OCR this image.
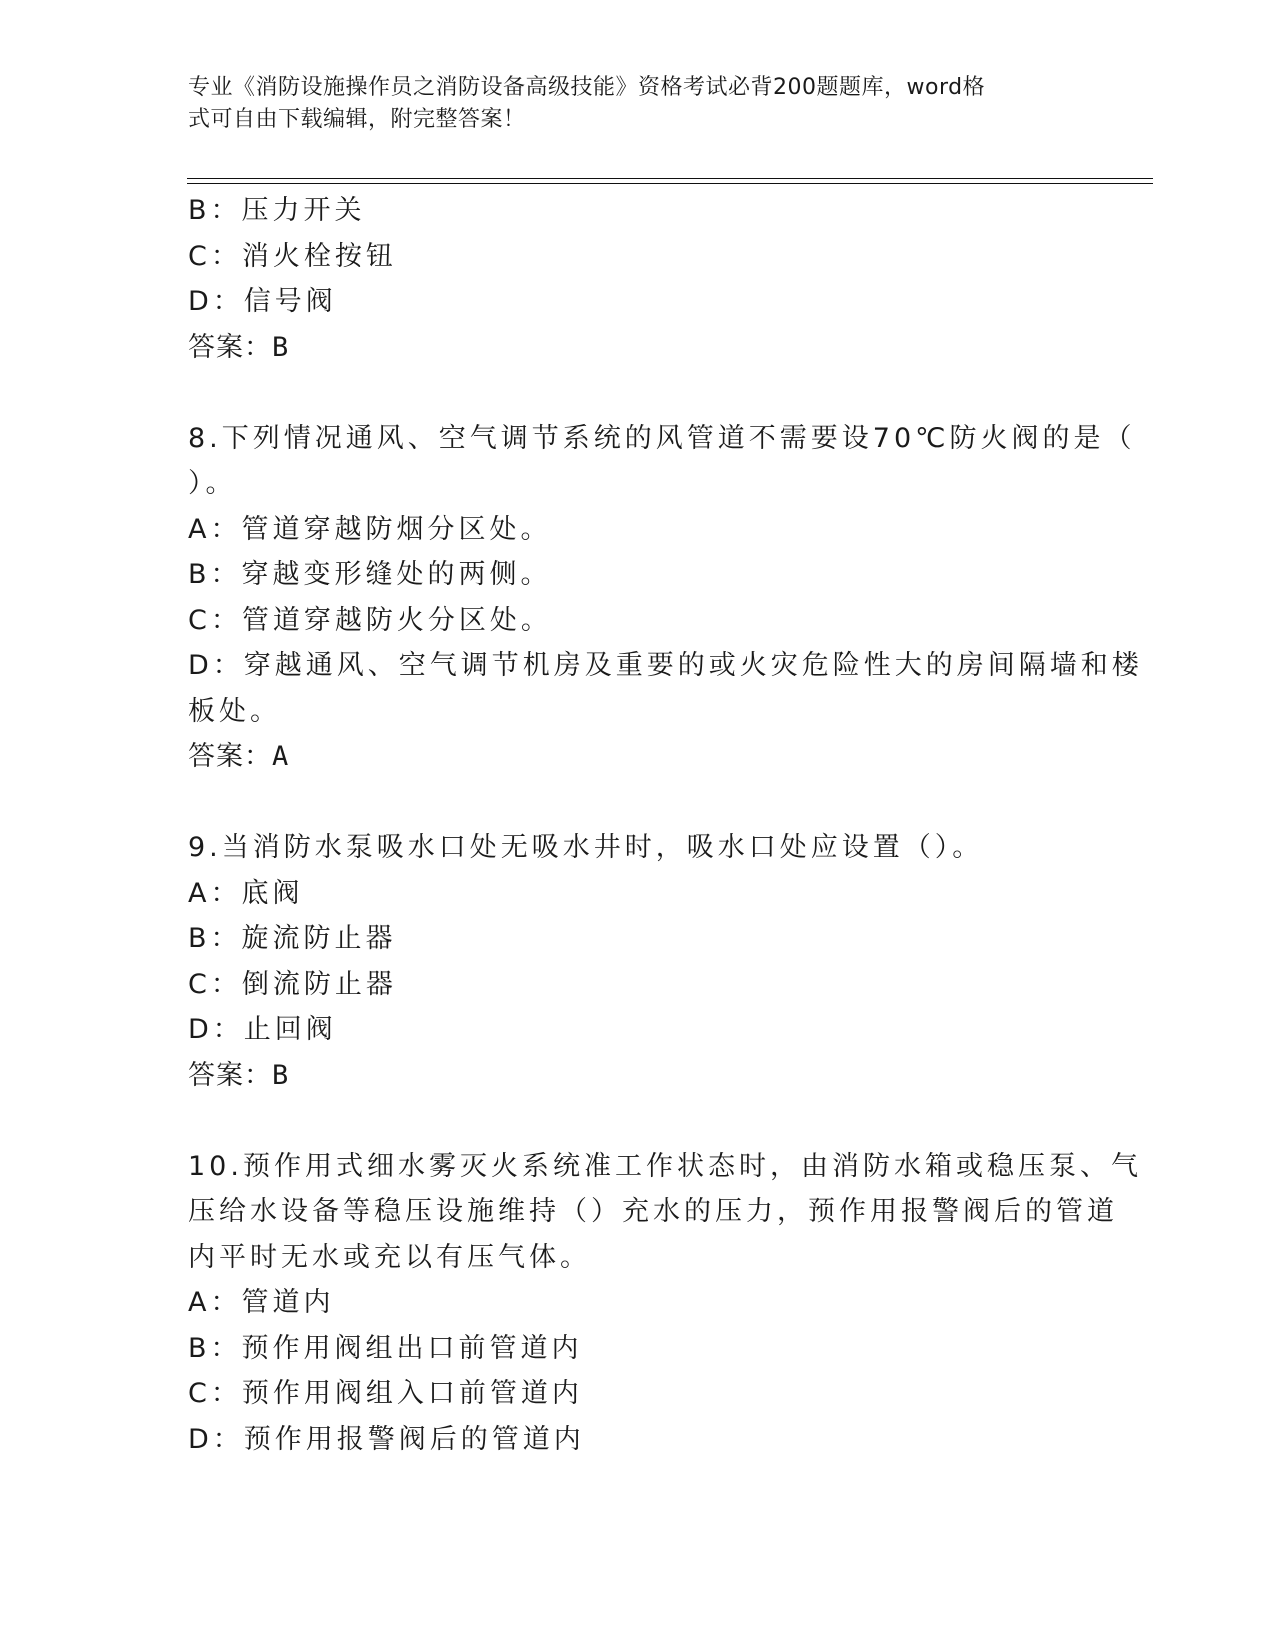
专业《消防设施操作员之消防设备高级技能》资格考试必背200题题库，word格
式可自由下载编辑，附完整答案！
B：压力开关
C：消火栓按钮
D：信号阀
答案：B
8.下列情况通风、空气调节系统的风管道不需要设70℃防火阀的是（
）。
A：管道穿越防烟分区处。
B：穿越变形缝处的两侧。
C：管道穿越防火分区处。
D：穿越通风、空气调节机房及重要的或火灾危险性大的房间隔墙和楼
板处。
答案：A
9.当消防水泵吸水口处无吸水井时，吸水口处应设置（）。
A：底阀
B：旋流防止器
C：倒流防止器
D：止回阀
答案：B
10.预作用式细水雾灭火系统准工作状态时，由消防水箱或稳压泵、气
压给水设备等稳压设施维持（）充水的压力，预作用报警阀后的管道
内平时无水或充以有压气体。
A：管道内
B：预作用阀组出口前管道内
C：预作用阀组入口前管道内
D：预作用报警阀后的管道内
